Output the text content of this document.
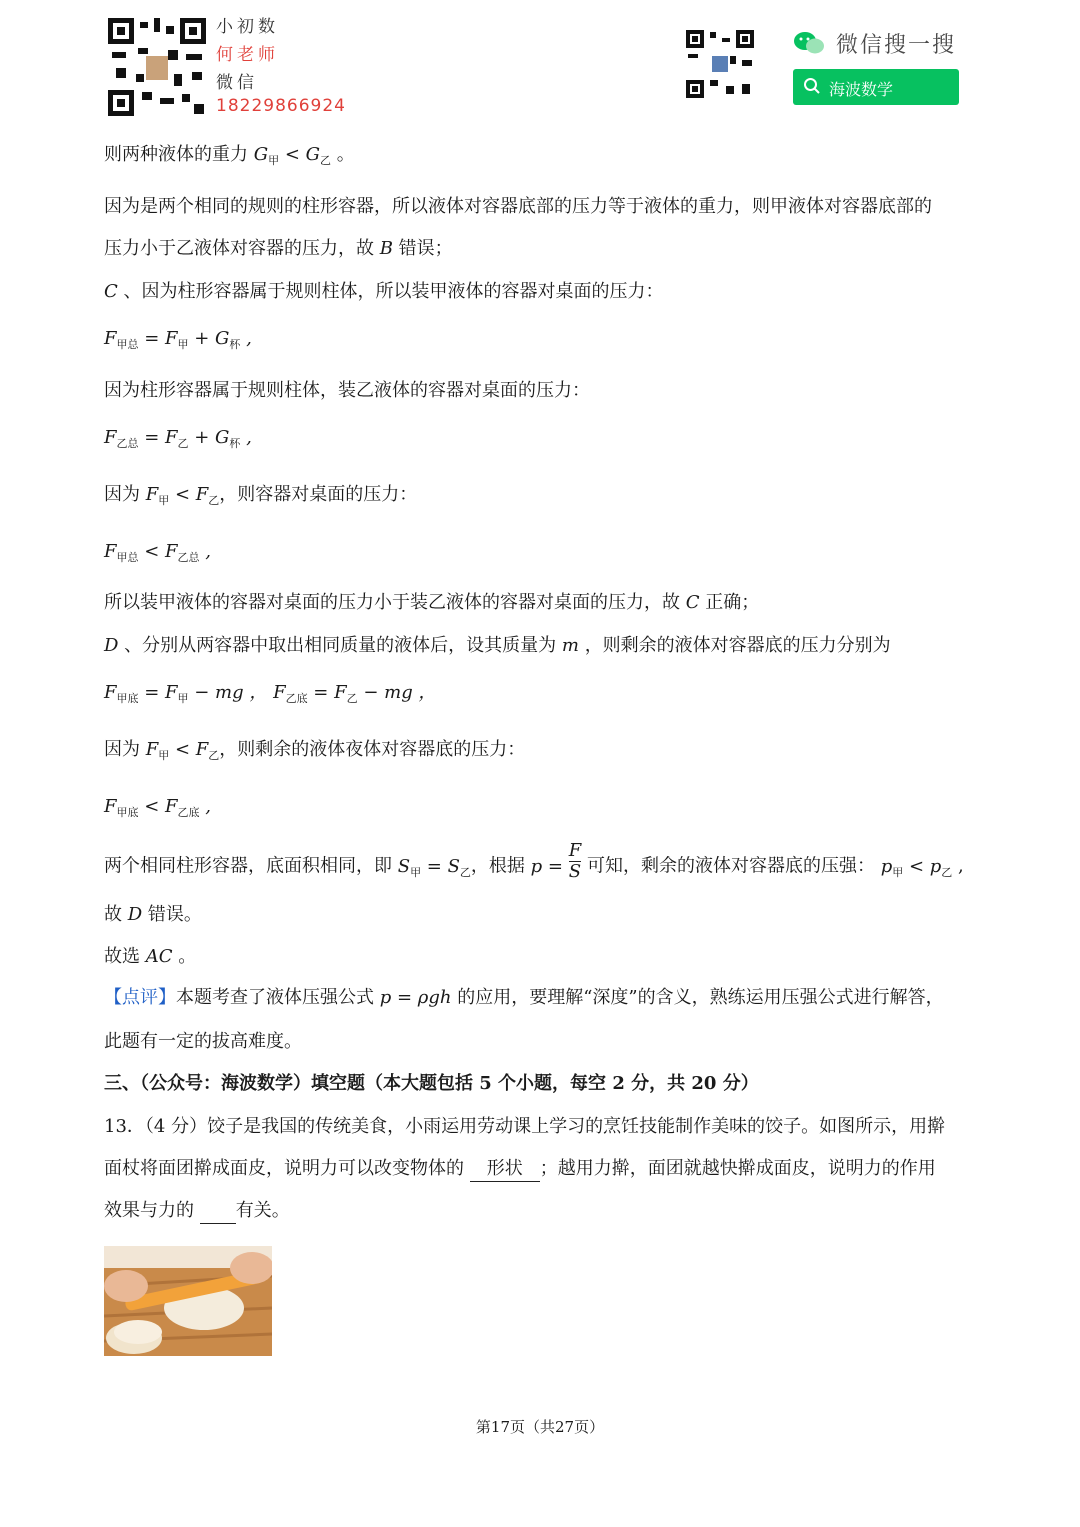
小初数
何老师
微信
18229866924
微信搜一搜
海波数学
则两种液体的重力 $G_甲 < G_乙$ 。
因为是两个相同的规则的柱形容器，所以液体对容器底部的压力等于液体的重力，则甲液体对容器底部的
压力小于乙液体对容器的压力，故 B 错误；
C 、因为柱形容器属于规则柱体，所以装甲液体的容器对桌面的压力：
$F_{甲总} = F_甲 + G_杯$ ,
因为柱形容器属于规则柱体，装乙液体的容器对桌面的压力：
$F_{乙总} = F_乙 + G_杯$ ,
因为 $F_甲 < F_乙$，则容器对桌面的压力：
$F_{甲总} < F_{乙总}$ ,
所以装甲液体的容器对桌面的压力小于装乙液体的容器对桌面的压力，故 C 正确；
D 、分别从两容器中取出相同质量的液体后，设其质量为 m ，则剩余的液体对容器底的压力分别为
$F_{甲底} = F_甲$ − mg ， $F_{乙底} = F_乙$ − mg ，
因为 $F_甲 < F_乙$，则剩余的液体夜体对容器底的压力：
$F_{甲底} < F_{乙底}$ ,
两个相同柱形容器，底面积相同，即 $S_甲 = S_乙$，根据 $p = \frac{F}{S}$ 可知，剩余的液体对容器底的压强： $p_甲 < p_乙$ ,
故 D 错误。
故选 AC 。
【点评】本题考查了液体压强公式 p = ρgh 的应用，要理解“深度”的含义，熟练运用压强公式进行解答，
此题有一定的拔高难度。
三、（公众号：海波数学）填空题（本大题包括 5 个小题，每空 2 分，共 20 分）
13．（4 分）饺子是我国的传统美食，小雨运用劳动课上学习的烹饪技能制作美味的饺子。如图所示，用擀
面杖将面团擀成面皮，说明力可以改变物体的 形状 ；越用力擀，面团就越快擀成面皮，说明力的作用
效果与力的 有关。
第17页（共27页）
